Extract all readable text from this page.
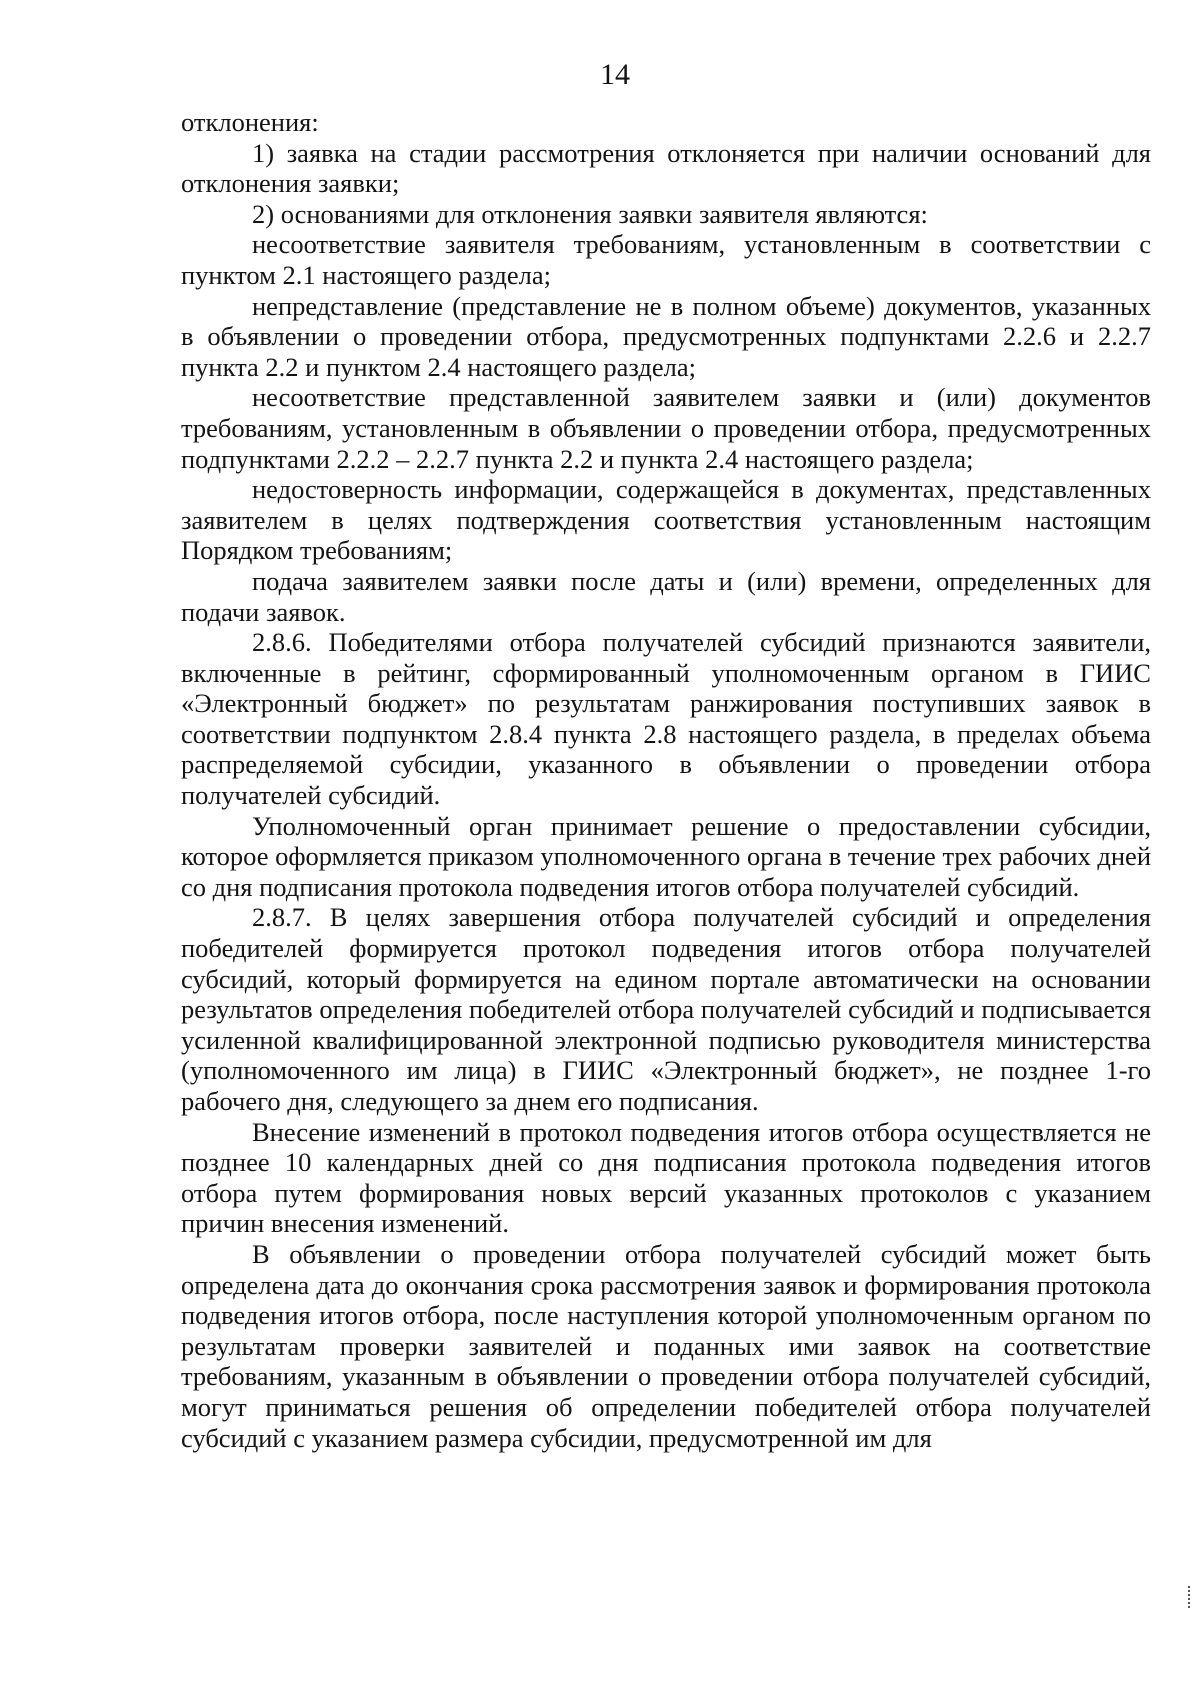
14

отклонения:

1) заявка на стадии рассмотрения отклоняется при наличии оснований для отклонения заявки;

2) основаниями для отклонения заявки заявителя являются:

несоответствие заявителя требованиям, установленным в соответствии с пунктом 2.1 настоящего раздела;

непредставление (представление не в полном объеме) документов, указанных в объявлении о проведении отбора, предусмотренных подпунктами 2.2.6 и 2.2.7 пункта 2.2 и пунктом 2.4 настоящего раздела;

несоответствие представленной заявителем заявки и (или) документов требованиям, установленным в объявлении о проведении отбора, предусмотренных подпунктами 2.2.2 – 2.2.7 пункта 2.2 и пункта 2.4 настоящего раздела;

недостоверность информации, содержащейся в документах, представленных заявителем в целях подтверждения соответствия установленным настоящим Порядком требованиям;

подача заявителем заявки после даты и (или) времени, определенных для подачи заявок.

2.8.6. Победителями отбора получателей субсидий признаются заявители, включенные в рейтинг, сформированный уполномоченным органом в ГИИС «Электронный бюджет» по результатам ранжирования поступивших заявок в соответствии подпунктом 2.8.4 пункта 2.8 настоящего раздела, в пределах объема распределяемой субсидии, указанного в объявлении о проведении отбора получателей субсидий.

Уполномоченный орган принимает решение о предоставлении субсидии, которое оформляется приказом уполномоченного органа в течение трех рабочих дней со дня подписания протокола подведения итогов отбора получателей субсидий.

2.8.7. В целях завершения отбора получателей субсидий и определения победителей формируется протокол подведения итогов отбора получателей субсидий, который формируется на едином портале автоматически на основании результатов определения победителей отбора получателей субсидий и подписывается усиленной квалифицированной электронной подписью руководителя министерства (уполномоченного им лица) в ГИИС «Электронный бюджет», не позднее 1-го рабочего дня, следующего за днем его подписания.

Внесение изменений в протокол подведения итогов отбора осуществляется не позднее 10 календарных дней со дня подписания протокола подведения итогов отбора путем формирования новых версий указанных протоколов с указанием причин внесения изменений.

В объявлении о проведении отбора получателей субсидий может быть определена дата до окончания срока рассмотрения заявок и формирования протокола подведения итогов отбора, после наступления которой уполномоченным органом по результатам проверки заявителей и поданных ими заявок на соответствие требованиям, указанным в объявлении о проведении отбора получателей субсидий, могут приниматься решения об определении победителей отбора получателей субсидий с указанием размера субсидии, предусмотренной им для
